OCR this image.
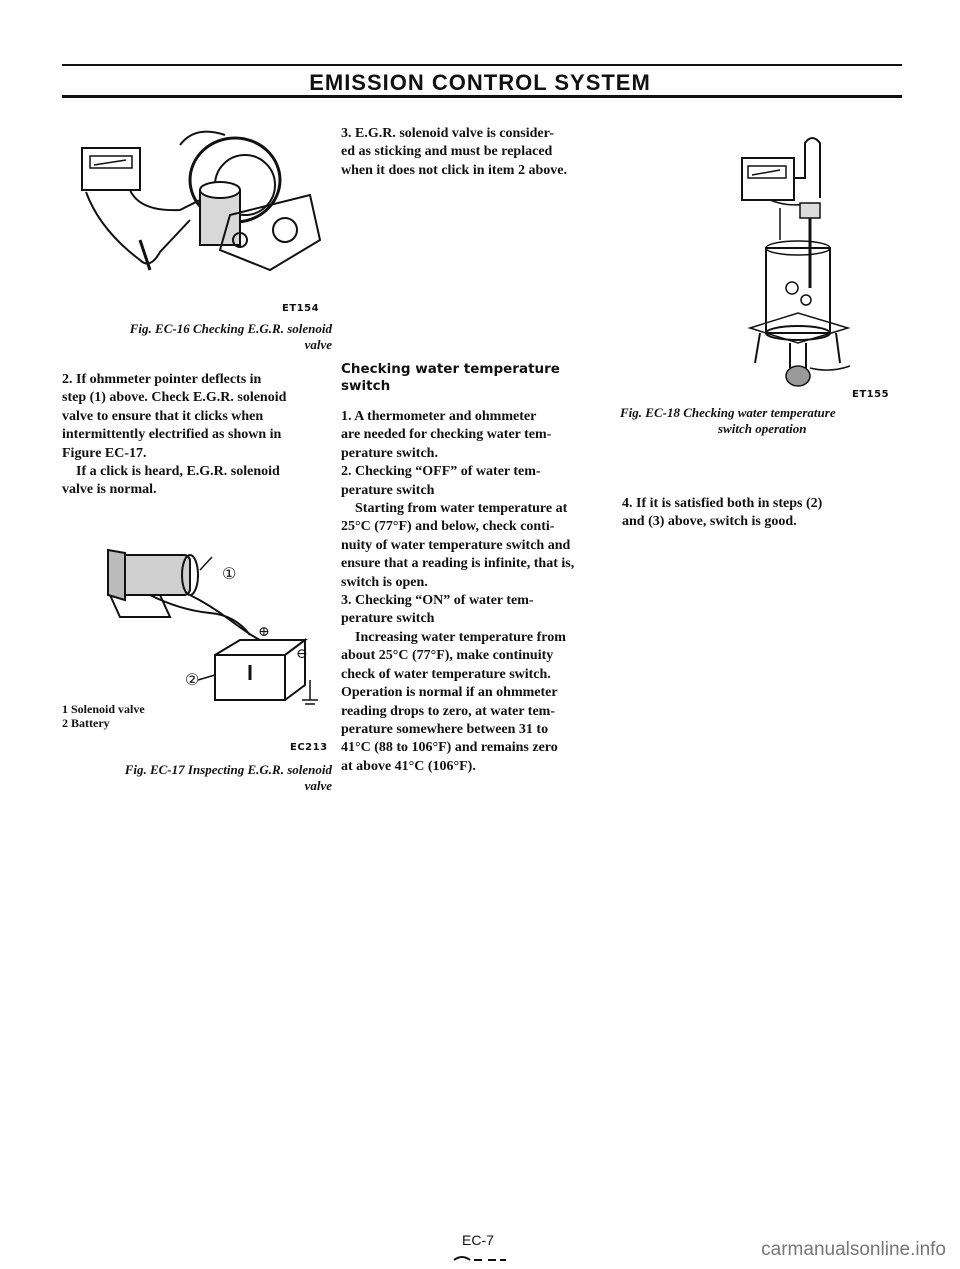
EMISSION CONTROL SYSTEM
ET154
Fig. EC-16 Checking E.G.R. solenoid
valve

2. If ohmmeter pointer deflects in

step (1) above. Check E.G.R. solenoid

valve to ensure that it clicks when

intermittently electrified as shown in

Figure EC-17.

If a click is heard, E.G.R. solenoid

valve is normal.

①
②
⊕
⊖
1 Solenoid valve
2 Battery
EC213
Fig. EC-17 Inspecting E.G.R. solenoid
valve

3. E.G.R. solenoid valve is consider-

ed as sticking and must be replaced

when it does not click in item 2 above.

Checking water temperature
switch

1. A thermometer and ohmmeter

are needed for checking water tem-

perature switch.

2. Checking “OFF” of water tem-

perature switch

Starting from water temperature at

25°C (77°F) and below, check conti-

nuity of water temperature switch and

ensure that a reading is infinite, that is,

switch is open.

3. Checking “ON” of water tem-

perature switch

Increasing water temperature from

about 25°C (77°F), make continuity

check of water temperature switch.

Operation is normal if an ohmmeter

reading drops to zero, at water tem-

perature somewhere between 31 to

41°C (88 to 106°F) and remains zero

at above 41°C (106°F).

ET155
Fig. EC-18 Checking water temperature
switch operation

4. If it is satisfied both in steps (2)

and (3) above, switch is good.

EC-7	carmanualsonline.info
